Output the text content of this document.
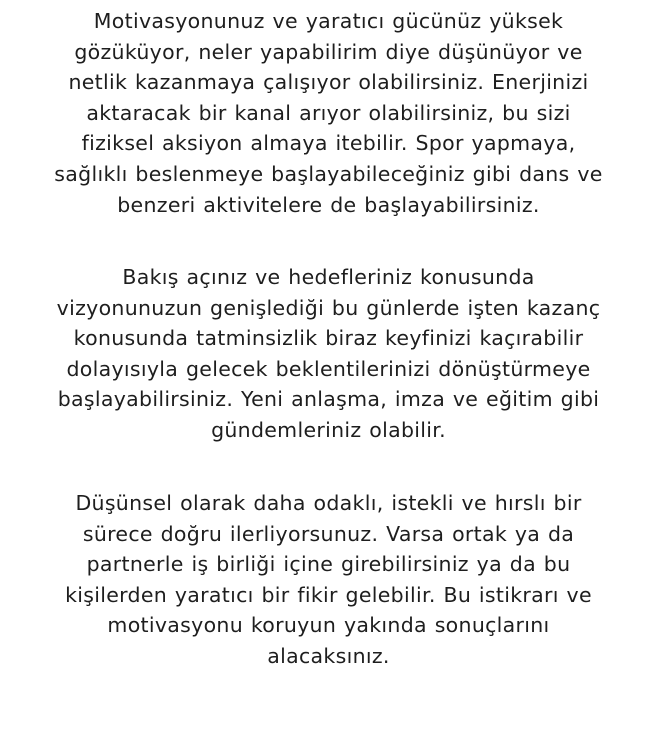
Motivasyonunuz ve yaratıcı gücünüz yüksek
gözüküyor, neler yapabilirim diye düşünüyor ve
netlik kazanmaya çalışıyor olabilirsiniz. Enerjinizi
aktaracak bir kanal arıyor olabilirsiniz, bu sizi
fiziksel aksiyon almaya itebilir. Spor yapmaya,
sağlıklı beslenmeye başlayabileceğiniz gibi dans ve
benzeri aktivitelere de başlayabilirsiniz.

Bakış açınız ve hedefleriniz konusunda
vizyonunuzun genişlediği bu günlerde işten kazanç
konusunda tatminsizlik biraz keyfinizi kaçırabilir
dolayısıyla gelecek beklentilerinizi dönüştürmeye
başlayabilirsiniz. Yeni anlaşma, imza ve eğitim gibi
gündemleriniz olabilir.

Düşünsel olarak daha odaklı, istekli ve hırslı bir
sürece doğru ilerliyorsunuz. Varsa ortak ya da
partnerle iş birliği içine girebilirsiniz ya da bu
kişilerden yaratıcı bir fikir gelebilir. Bu istikrarı ve
motivasyonu koruyun yakında sonuçlarını
alacaksınız.
